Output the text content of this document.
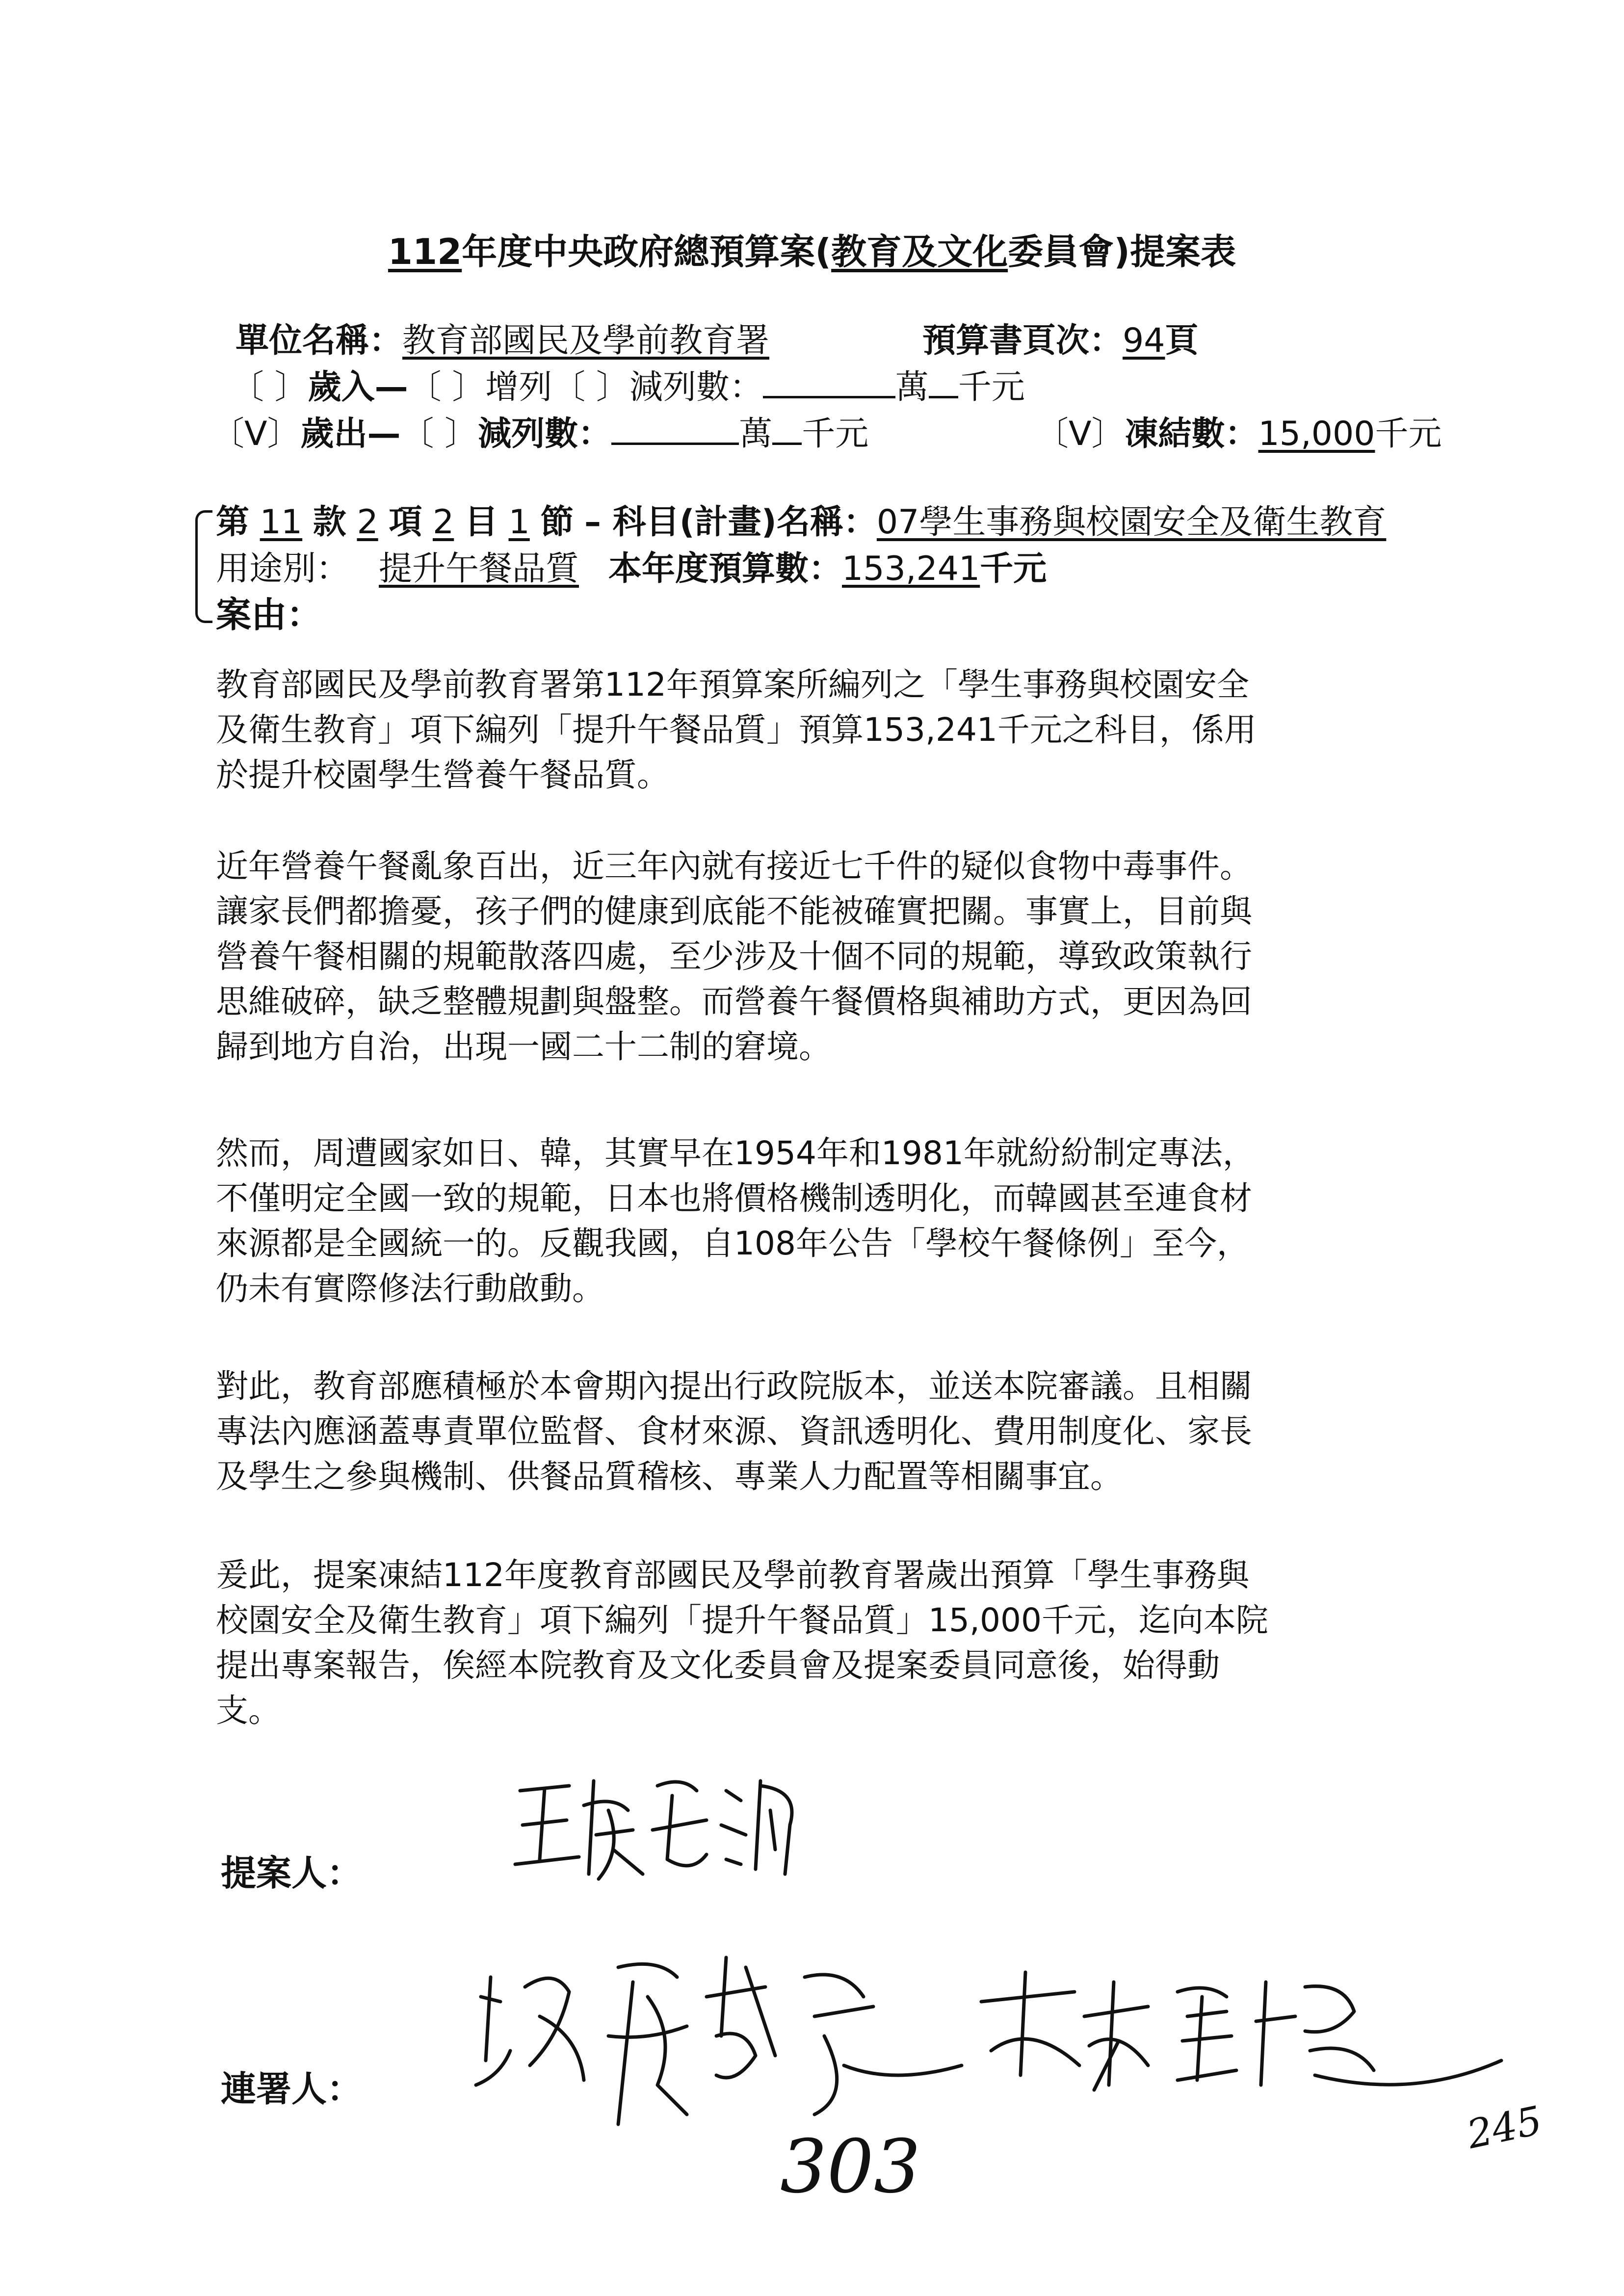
112年度中央政府總預算案(教育及文化委員會)提案表
單位名稱：教育部國民及學前教育署	預算書頁次：94頁
〔 〕歲入—〔 〕增列〔 〕減列數：	萬 千元
〔V〕歲出—〔 〕減列數：	萬 千元	〔V〕凍結數：15,000千元
第 11 款 2 項 2 目 1 節 – 科目(計畫)名稱：07學生事務與校園安全及衛生教育
用途別： 提升午餐品質 本年度預算數：153,241千元
案由：
教育部國民及學前教育署第112年預算案所編列之「學生事務與校園安全
及衛生教育」項下編列「提升午餐品質」預算153,241千元之科目，係用
於提升校園學生營養午餐品質。
近年營養午餐亂象百出，近三年內就有接近七千件的疑似食物中毒事件。
讓家長們都擔憂，孩子們的健康到底能不能被確實把關。事實上，目前與
營養午餐相關的規範散落四處，至少涉及十個不同的規範，導致政策執行
思維破碎，缺乏整體規劃與盤整。而營養午餐價格與補助方式，更因為回
歸到地方自治，出現一國二十二制的窘境。
然而，周遭國家如日、韓，其實早在1954年和1981年就紛紛制定專法，
不僅明定全國一致的規範，日本也將價格機制透明化，而韓國甚至連食材
來源都是全國統一的。反觀我國，自108年公告「學校午餐條例」至今，
仍未有實際修法行動啟動。
對此，教育部應積極於本會期內提出行政院版本，並送本院審議。且相關
專法內應涵蓋專責單位監督、食材來源、資訊透明化、費用制度化、家長
及學生之參與機制、供餐品質稽核、專業人力配置等相關事宜。
爰此，提案凍結112年度教育部國民及學前教育署歲出預算「學生事務與
校園安全及衛生教育」項下編列「提升午餐品質」15,000千元，迄向本院
提出專案報告，俟經本院教育及文化委員會及提案委員同意後，始得動
支。
提案人：
連署人：
303	245
